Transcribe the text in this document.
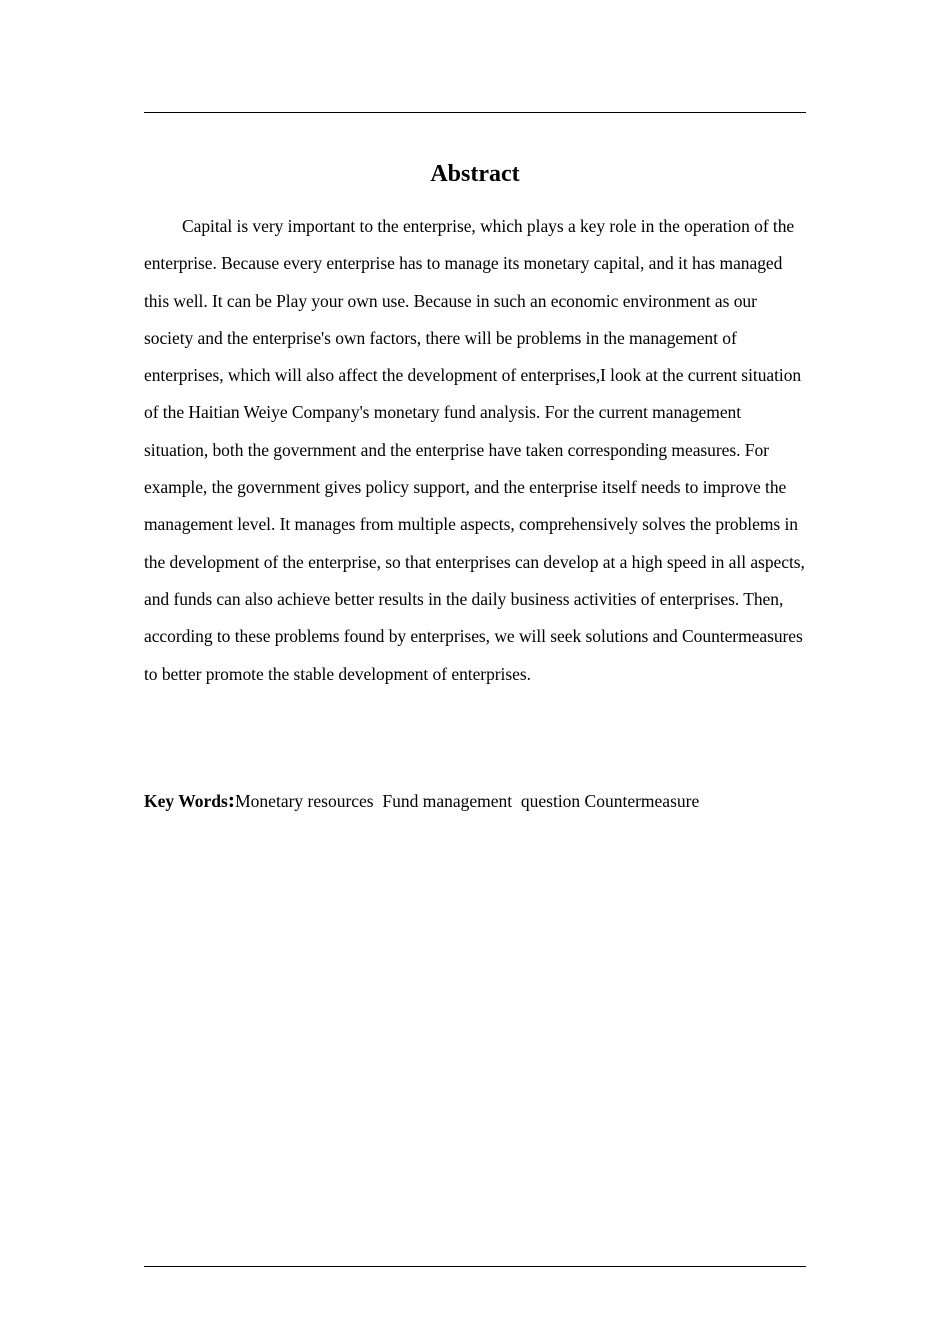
Abstract

Capital is very important to the enterprise, which plays a key role in the operation of the enterprise. Because every enterprise has to manage its monetary capital, and it has managed this well. It can be Play your own use. Because in such an economic environment as our society and the enterprise's own factors, there will be problems in the management of enterprises, which will also affect the development of enterprises,I look at the current situation of the Haitian Weiye Company's monetary fund analysis. For the current management situation, both the government and the enterprise have taken corresponding measures. For example, the government gives policy support, and the enterprise itself needs to improve the management level. It manages from multiple aspects, comprehensively solves the problems in the development of the enterprise, so that enterprises can develop at a high speed in all aspects, and funds can also achieve better results in the daily business activities of enterprises. Then, according to these problems found by enterprises, we will seek solutions and Countermeasures to better promote the stable development of enterprises.

Key Words:Monetary resources  Fund management  question Countermeasure
